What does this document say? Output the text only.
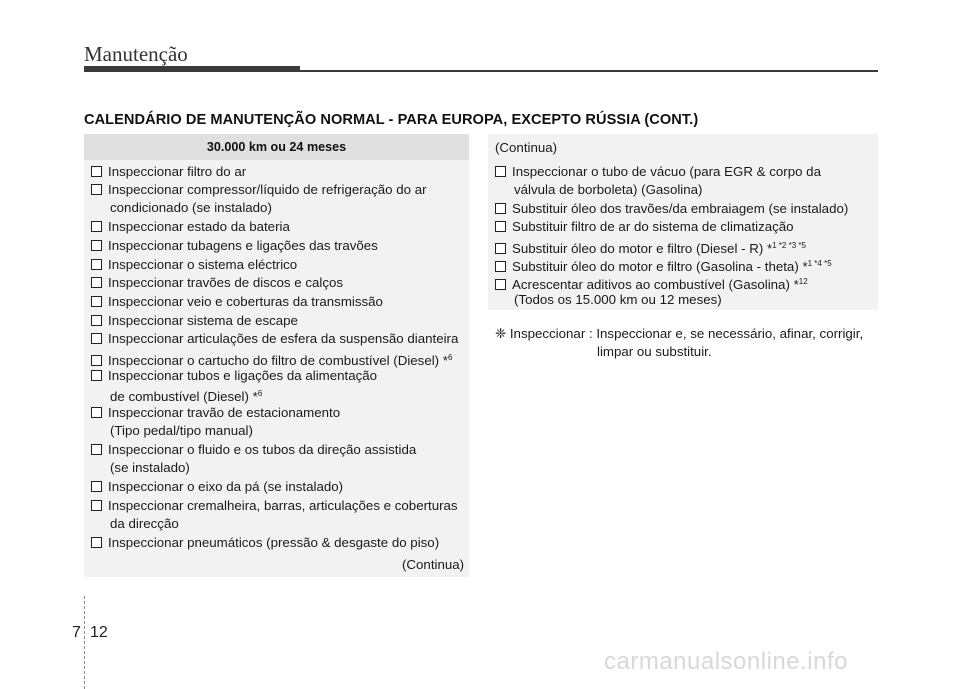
Manutenção
CALENDÁRIO DE MANUTENÇÃO NORMAL - PARA EUROPA, EXCEPTO RÚSSIA (CONT.)
30.000 km ou 24 meses
Inspeccionar filtro do ar
Inspeccionar compressor/líquido de refrigeração do ar
condicionado (se instalado)
Inspeccionar estado da bateria
Inspeccionar tubagens e ligações das travões
Inspeccionar o sistema eléctrico
Inspeccionar travões de discos e calços
Inspeccionar veio e coberturas da transmissão
Inspeccionar sistema de escape
Inspeccionar articulações de esfera da suspensão dianteira
Inspeccionar o cartucho do filtro de combustível (Diesel) *$^6$
Inspeccionar tubos e ligações da alimentação
de combustível (Diesel) *$^6$
Inspeccionar travão de estacionamento
(Tipo pedal/tipo manual)
Inspeccionar o fluido e os tubos da direção assistida
(se instalado)
Inspeccionar o eixo da pá (se instalado)
Inspeccionar cremalheira, barras, articulações e coberturas
da direcção
Inspeccionar pneumáticos (pressão & desgaste do piso)
(Continua)
(Continua)
Inspeccionar o tubo de vácuo (para EGR & corpo da
válvula de borboleta) (Gasolina)
Substituir óleo dos travões/da embraiagem (se instalado)
Substituir filtro de ar do sistema de climatização
Substituir óleo do motor e filtro (Diesel - R) *$^{1 *2 *3 *5}$
Substituir óleo do motor e filtro (Gasolina - theta) *$^{1 *4 *5}$
Acrescentar aditivos ao combustível (Gasolina) *$^{12}$
(Todos os 15.000 km ou 12 meses)
❈ Inspeccionar : Inspeccionar e, se necessário, afinar, corrigir,
limpar ou substituir.
7 12
carmanualsonline.info
